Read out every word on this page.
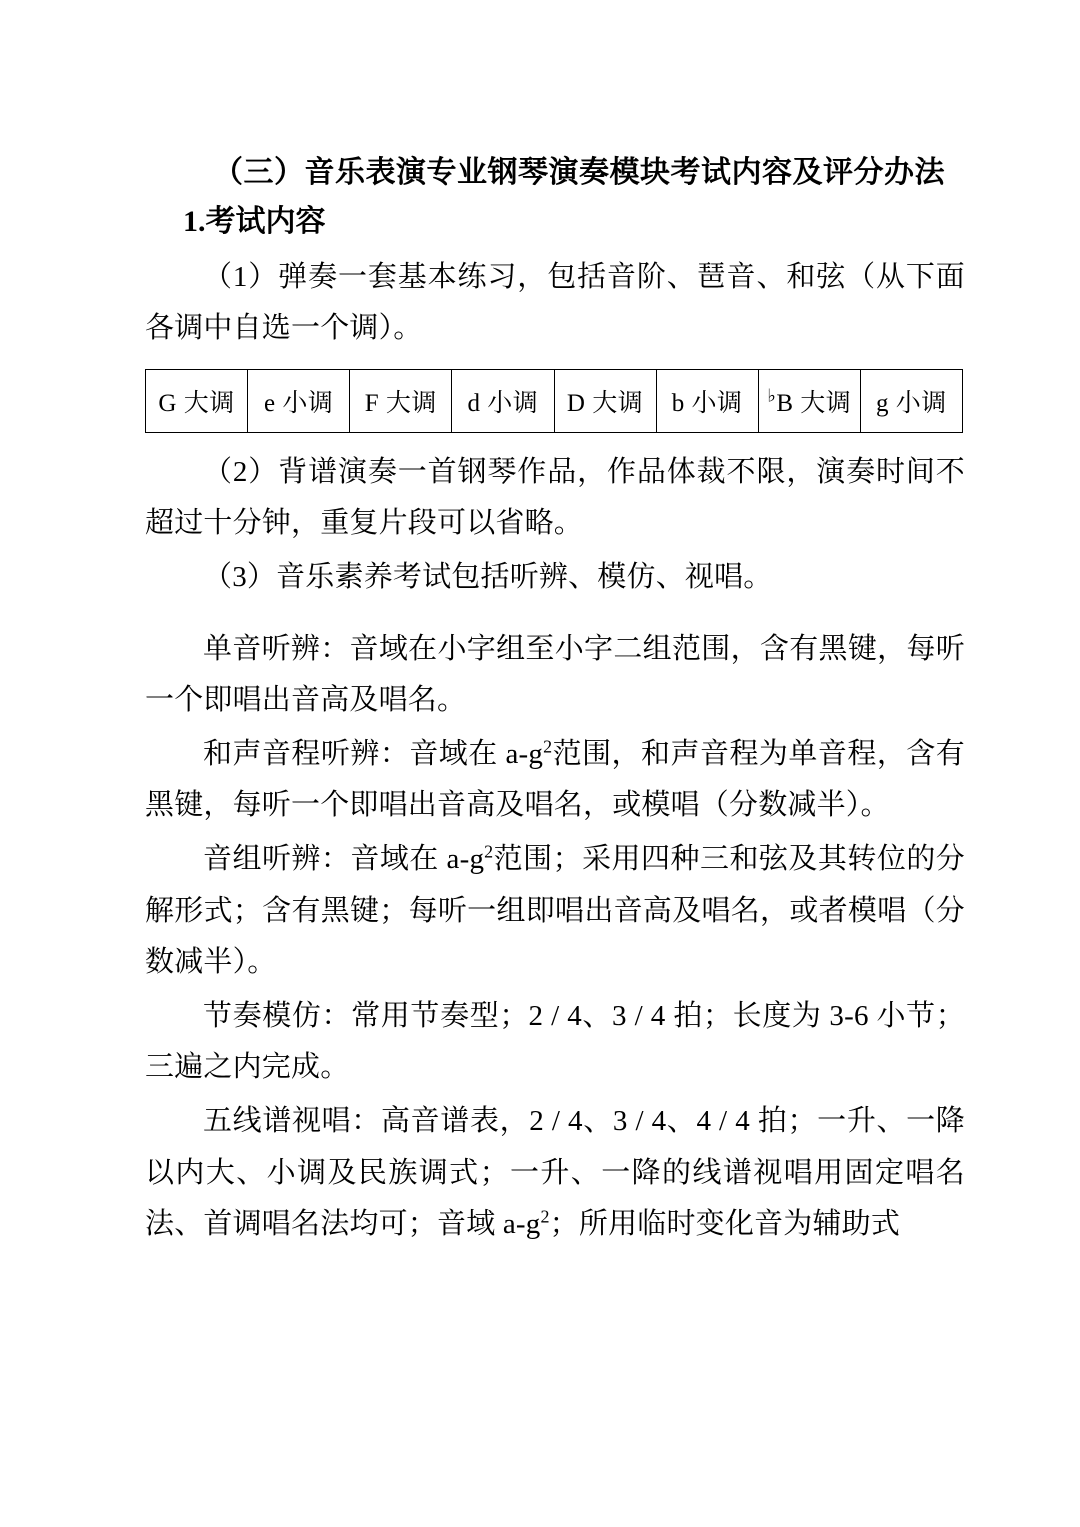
（三）音乐表演专业钢琴演奏模块考试内容及评分办法
1.考试内容

（1）弹奏一套基本练习，包括音阶、琶音、和弦（从下面各调中自选一个调）。

G 大调	e 小调	F 大调	d 小调	D 大调	b 小调	♭B 大调	g 小调

（2）背谱演奏一首钢琴作品，作品体裁不限，演奏时间不超过十分钟，重复片段可以省略。

（3）音乐素养考试包括听辨、模仿、视唱。

单音听辨：音域在小字组至小字二组范围，含有黑键，每听一个即唱出音高及唱名。

和声音程听辨：音域在 $a-g^2$范围，和声音程为单音程，含有黑键，每听一个即唱出音高及唱名，或模唱（分数减半）。

音组听辨：音域在 $a-g^2$范围；采用四种三和弦及其转位的分解形式；含有黑键；每听一组即唱出音高及唱名，或者模唱（分数减半）。

节奏模仿：常用节奏型；2 / 4、3 / 4 拍；长度为 3-6 小节；三遍之内完成。

五线谱视唱：高音谱表，2 / 4、3 / 4、4 / 4 拍；一升、一降以内大、小调及民族调式；一升、一降的线谱视唱用固定唱名法、首调唱名法均可；音域 $a-g^2$；所用临时变化音为辅助式
